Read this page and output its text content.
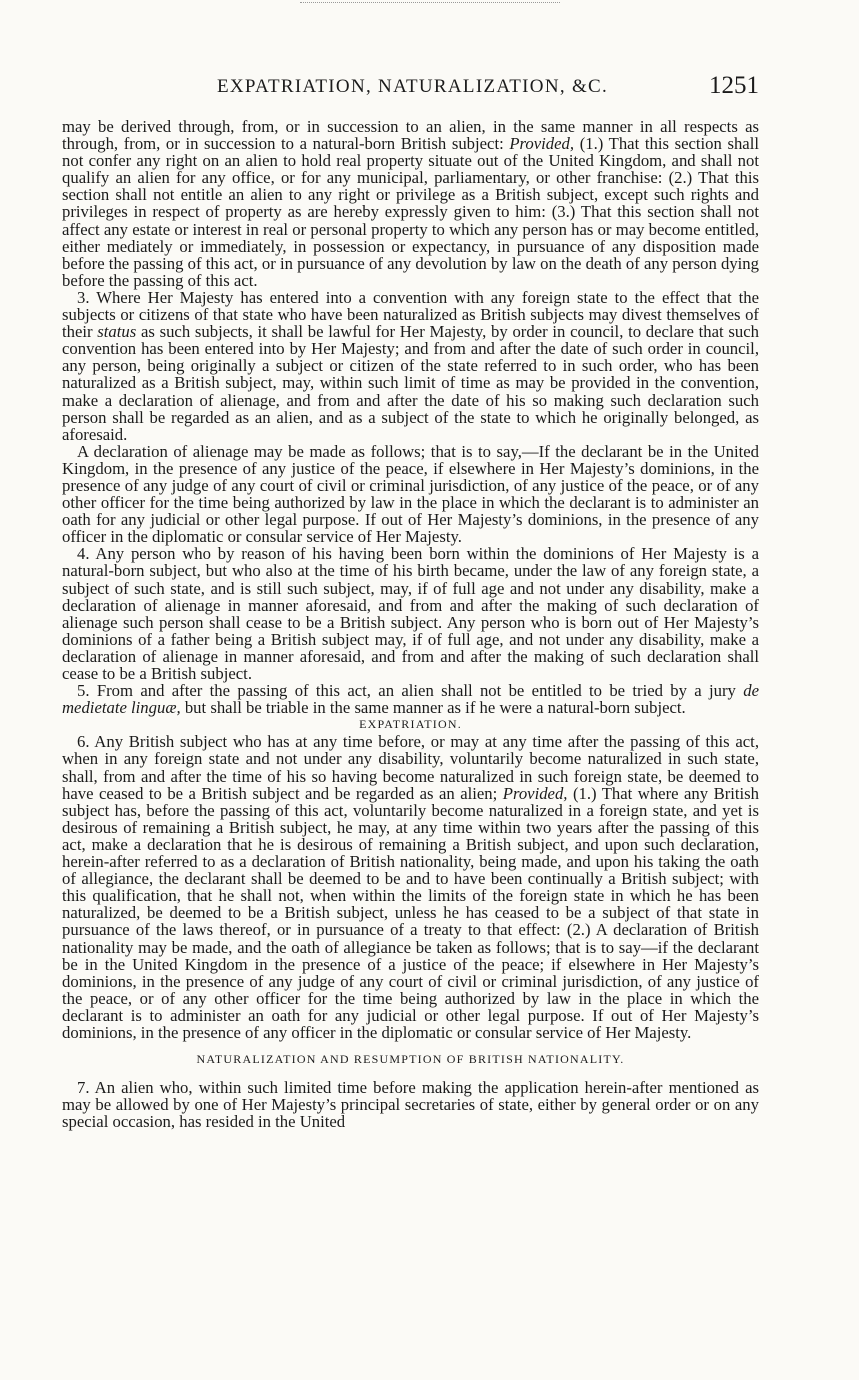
EXPATRIATION, NATURALIZATION, &C.	1251

may be derived through, from, or in succession to an alien, in the same manner in all respects as through, from, or in succession to a natural-born British subject: Provided, (1.) That this section shall not confer any right on an alien to hold real property situate out of the United Kingdom, and shall not qualify an alien for any office, or for any municipal, parliamentary, or other franchise: (2.) That this section shall not entitle an alien to any right or privilege as a British subject, except such rights and privileges in respect of property as are hereby expressly given to him: (3.) That this section shall not affect any estate or interest in real or personal property to which any person has or may become entitled, either mediately or immediately, in possession or expectancy, in pursuance of any disposition made before the passing of this act, or in pursuance of any devolution by law on the death of any person dying before the passing of this act.

3. Where Her Majesty has entered into a convention with any foreign state to the effect that the subjects or citizens of that state who have been naturalized as British subjects may divest themselves of their status as such subjects, it shall be lawful for Her Majesty, by order in council, to declare that such convention has been entered into by Her Majesty; and from and after the date of such order in council, any person, being originally a subject or citizen of the state referred to in such order, who has been naturalized as a British subject, may, within such limit of time as may be provided in the convention, make a declaration of alienage, and from and after the date of his so making such declaration such person shall be regarded as an alien, and as a subject of the state to which he originally belonged, as aforesaid.

A declaration of alienage may be made as follows; that is to say,—If the declarant be in the United Kingdom, in the presence of any justice of the peace, if elsewhere in Her Majesty’s dominions, in the presence of any judge of any court of civil or criminal jurisdiction, of any justice of the peace, or of any other officer for the time being authorized by law in the place in which the declarant is to administer an oath for any judicial or other legal purpose. If out of Her Majesty’s dominions, in the presence of any officer in the diplomatic or consular service of Her Majesty.

4. Any person who by reason of his having been born within the dominions of Her Majesty is a natural-born subject, but who also at the time of his birth became, under the law of any foreign state, a subject of such state, and is still such subject, may, if of full age and not under any disability, make a declaration of alienage in manner aforesaid, and from and after the making of such declaration of alienage such person shall cease to be a British subject. Any person who is born out of Her Majesty’s dominions of a father being a British subject may, if of full age, and not under any disability, make a declaration of alienage in manner aforesaid, and from and after the making of such declaration shall cease to be a British subject.

5. From and after the passing of this act, an alien shall not be entitled to be tried by a jury de medietate linguæ, but shall be triable in the same manner as if he were a natural-born subject.

EXPATRIATION.

6. Any British subject who has at any time before, or may at any time after the passing of this act, when in any foreign state and not under any disability, voluntarily become naturalized in such state, shall, from and after the time of his so having become naturalized in such foreign state, be deemed to have ceased to be a British subject and be regarded as an alien; Provided, (1.) That where any British subject has, before the passing of this act, voluntarily become naturalized in a foreign state, and yet is desirous of remaining a British subject, he may, at any time within two years after the passing of this act, make a declaration that he is desirous of remaining a British subject, and upon such declaration, herein-after referred to as a declaration of British nationality, being made, and upon his taking the oath of allegiance, the declarant shall be deemed to be and to have been continually a British subject; with this qualification, that he shall not, when within the limits of the foreign state in which he has been naturalized, be deemed to be a British subject, unless he has ceased to be a subject of that state in pursuance of the laws thereof, or in pursuance of a treaty to that effect: (2.) A declaration of British nationality may be made, and the oath of allegiance be taken as follows; that is to say—if the declarant be in the United Kingdom in the presence of a justice of the peace; if elsewhere in Her Majesty’s dominions, in the presence of any judge of any court of civil or criminal jurisdiction, of any justice of the peace, or of any other officer for the time being authorized by law in the place in which the declarant is to administer an oath for any judicial or other legal purpose. If out of Her Majesty’s dominions, in the presence of any officer in the diplomatic or consular service of Her Majesty.

NATURALIZATION AND RESUMPTION OF BRITISH NATIONALITY.

7. An alien who, within such limited time before making the application herein-after mentioned as may be allowed by one of Her Majesty’s principal secretaries of state, either by general order or on any special occasion, has resided in the United
